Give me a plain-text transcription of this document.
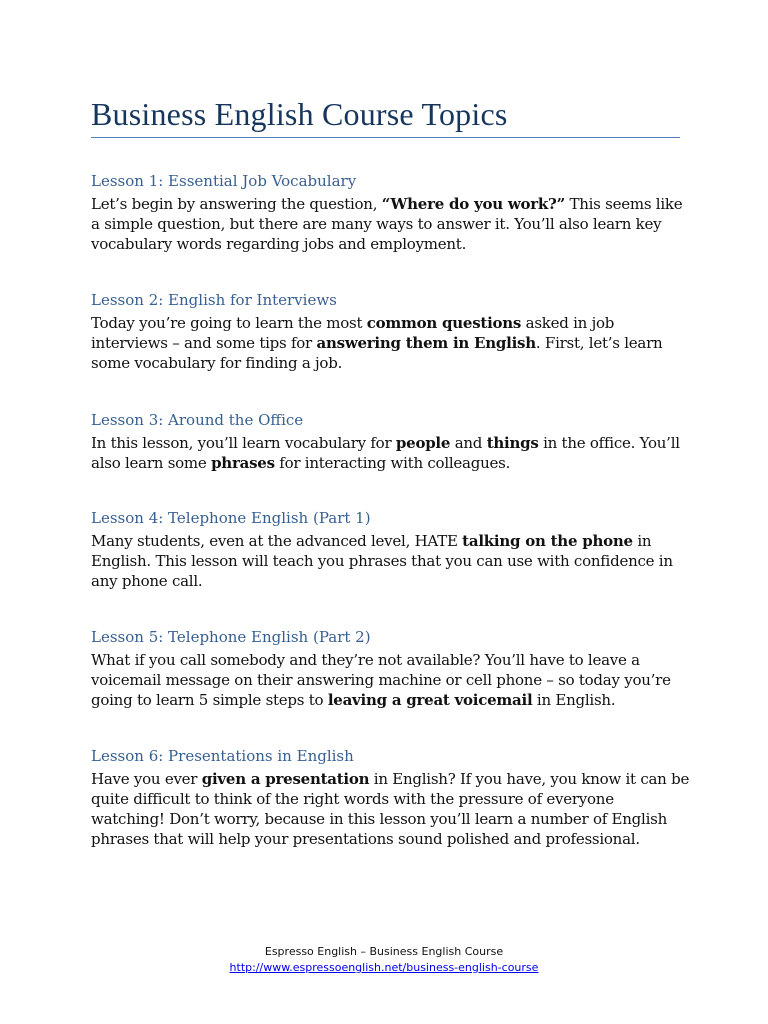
Business English Course Topics
Lesson 1: Essential Job Vocabulary

Let’s begin by answering the question, “Where do you work?” This seems like a simple question, but there are many ways to answer it. You’ll also learn key vocabulary words regarding jobs and employment.

Lesson 2: English for Interviews

Today you’re going to learn the most common questions asked in job interviews – and some tips for answering them in English. First, let’s learn some vocabulary for finding a job.

Lesson 3: Around the Office

In this lesson, you’ll learn vocabulary for people and things in the office. You’ll also learn some phrases for interacting with colleagues.

Lesson 4: Telephone English (Part 1)

Many students, even at the advanced level, HATE talking on the phone in English. This lesson will teach you phrases that you can use with confidence in any phone call.

Lesson 5: Telephone English (Part 2)

What if you call somebody and they’re not available? You’ll have to leave a voicemail message on their answering machine or cell phone – so today you’re going to learn 5 simple steps to leaving a great voicemail in English.

Lesson 6: Presentations in English

Have you ever given a presentation in English? If you have, you know it can be quite difficult to think of the right words with the pressure of everyone watching! Don’t worry, because in this lesson you’ll learn a number of English phrases that will help your presentations sound polished and professional.

Espresso English – Business English Course
http://www.espressoenglish.net/business-english-course
